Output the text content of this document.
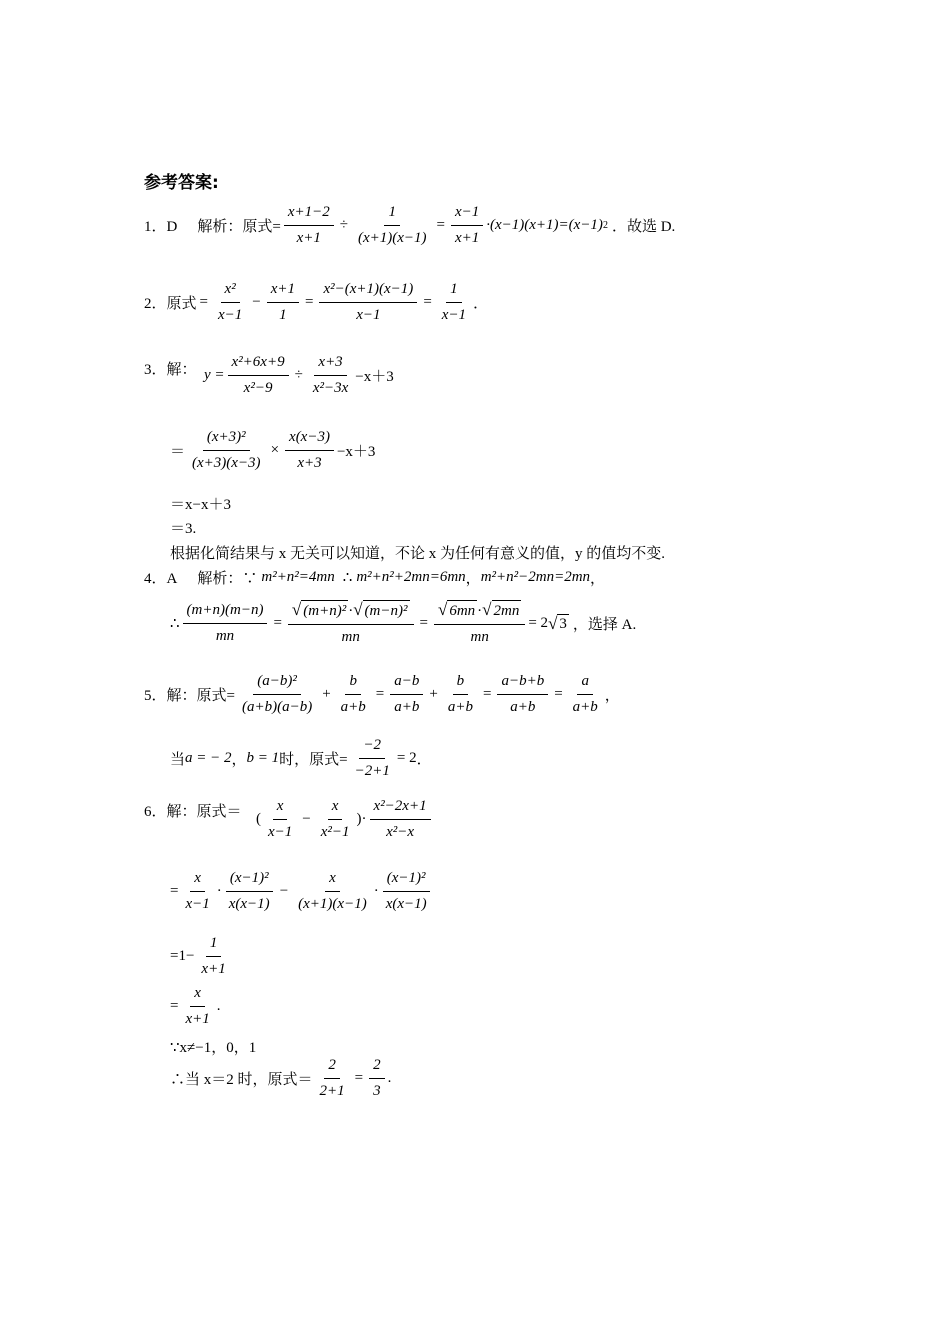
参考答案:
1．D 解析：原式= $\frac{x+1-2}{x+1} \div \frac{1}{(x+1)(x-1)} = \frac{x-1}{x+1} \cdot(x-1)(x+1)=(x-1)$ 2 ．故选 D.
2．原式 = $\frac{\text{x²}}{x-1} - \frac{x+1}{1} = \frac{\text{x²−(x+1)(x−1)}}{x-1} = \frac{1}{x-1}$ ．
3．解： $y = \frac{\text{x²+6x+9}}{\text{x²−9}} \div \frac{x+3}{\text{x²−3x}} -x+3$
＝ $\frac{\text{(x+3)²}}{(x+3)(x-3)} \times \frac{x(x-3)}{x+3} -x+3$
＝x−x＋3
＝3.
根据化简结果与 x 无关可以知道，不论 x 为任何有意义的值，y 的值均不变.
4．A 解析：∵ m²+n²=4mn ∴ m²+n²+2mn=6mn ， m²+n²−2mn=2mn ，
∴ $\frac{(m+n)(m-n)}{mn} = \frac{\text{√ (m+n)² · √ (m−n)²}}{mn} = \frac{√ 6mn \cdot √ 2mn}{mn} = 2$ √ 3 ，选择 A.
5．解：原式= $\frac{\text{(a−b)²}}{(a+b)(a-b)} + \frac{b}{a+b} = \frac{a-b}{a+b} + \frac{b}{a+b} = \frac{a-b+b}{a+b} = \frac{a}{a+b}$ ，
当 a = − 2 ， b = 1 时，原式= $\frac{-2}{-2+1} = 2$ ．
6．解：原式＝ ( $\frac{x}{x-1} - \frac{x}{\text{x²−1}}$ )· $\frac{\text{x²−2x+1}}{\text{x²−x}}$
= $\frac{x}{x-1} \cdot \frac{\text{(x−1)²}}{x(x-1)} - \frac{x}{(x+1)(x-1)} \cdot \frac{\text{(x−1)²}}{x(x-1)}$
$=1- \frac{1}{x+1}$
= $\frac{x}{x+1}$ .
∵x≠−1，0，1
∴当 x＝2 时，原式＝ $\frac{2}{2+1} = \frac{2}{3}$ .
